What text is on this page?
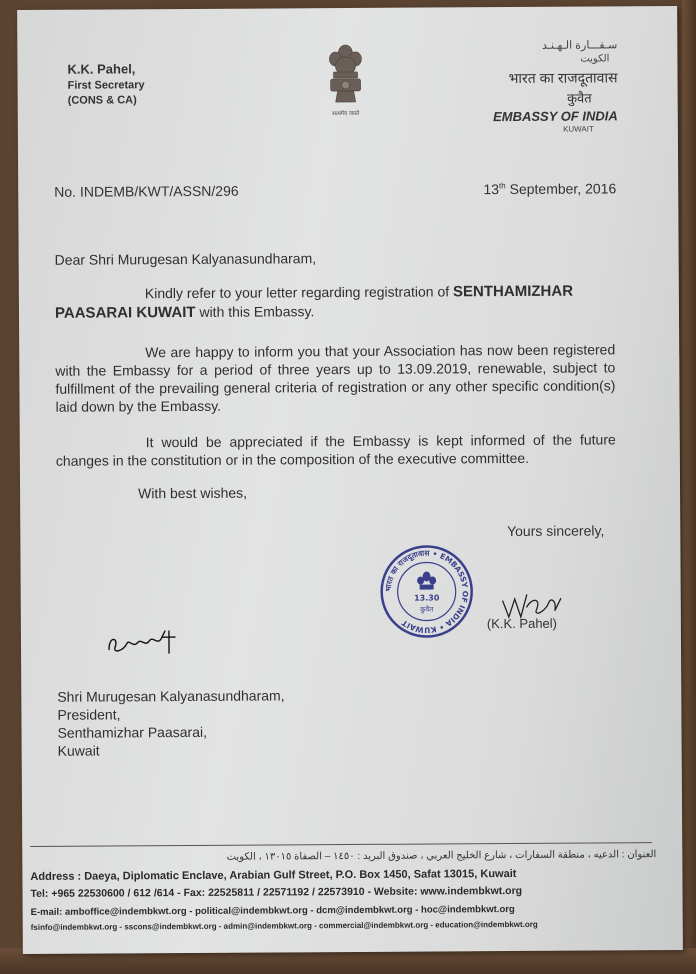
K.K. Pahel,
First Secretary
(CONS & CA)
सत्यमेव जयते
سـفـــارة الـهـنـد
الكويت
भारत का राजदूतावास
कुवैत
EMBASSY OF INDIA
KUWAIT
No. INDEMB/KWT/ASSN/296	13th September, 2016
Dear Shri Murugesan Kalyanasundharam,
Kindly refer to your letter regarding registration of SENTHAMIZHAR PAASARAI KUWAIT with this Embassy.
We are happy to inform you that your Association has now been registered with the Embassy for a period of three years up to 13.09.2019, renewable, subject to fulfillment of the prevailing general criteria of registration or any other specific condition(s) laid down by the Embassy.
It would be appreciated if the Embassy is kept informed of the future changes in the constitution or in the composition of the executive committee.
With best wishes,
Yours sincerely,
भारत का राजदूतावास • EMBASSY OF INDIA • KUWAIT
13.30
कुवैत
(K.K. Pahel)
Shri Murugesan Kalyanasundharam,
President,
Senthamizhar Paasarai,
Kuwait
العنوان : الدعيه ، منطقة السفارات ، شارع الخليج العربي ، صندوق البريد : ١٤٥٠ – الصفاة ١٣٠١٥ ، الكويت
Address : Daeya, Diplomatic Enclave, Arabian Gulf Street, P.O. Box 1450, Safat 13015, Kuwait
Tel: +965 22530600 / 612 /614 - Fax: 22525811 / 22571192 / 22573910 - Website: www.indembkwt.org
E-mail: amboffice@indembkwt.org - political@indembkwt.org - dcm@indembkwt.org - hoc@indembkwt.org
fsinfo@indembkwt.org - sscons@indembkwt.org - admin@indembkwt.org - commercial@indembkwt.org - education@indembkwt.org
